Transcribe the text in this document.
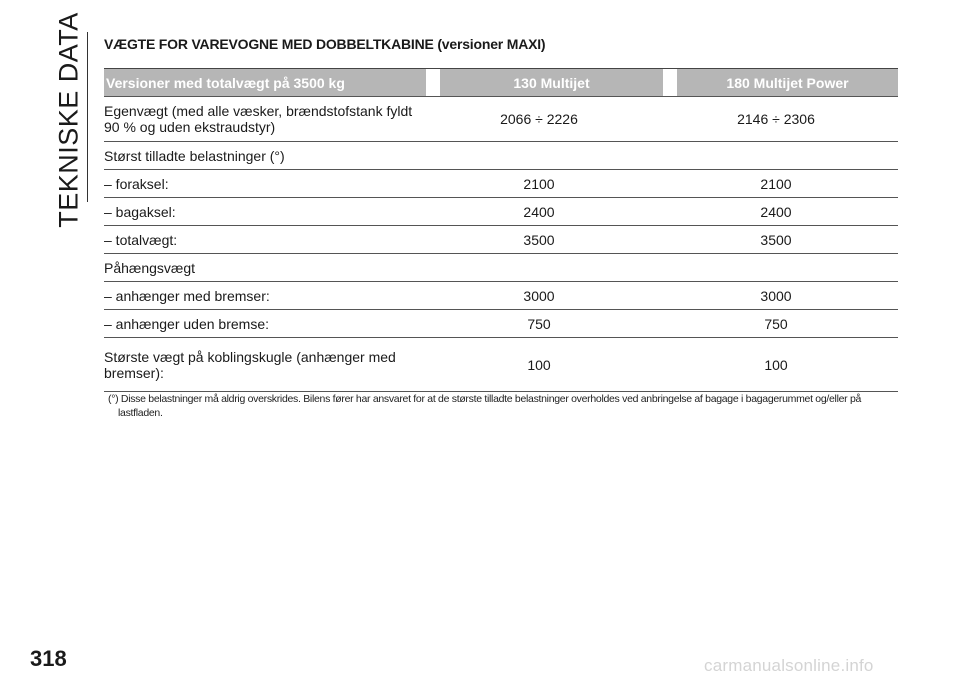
TEKNISKE DATA VÆGTE FOR VAREVOGNE MED DOBBELTKABINE (versioner MAXI)
Versioner med totalvægt på 3500 kg	130 Multijet	180 Multijet Power
Egenvægt (med alle væsker, brændstofstank fyldt 90 % og uden ekstraudstyr)	2066 ÷ 2226	2146 ÷ 2306
Størst tilladte belastninger (°)
– foraksel:	2100	2100
– bagaksel:	2400	2400
– totalvægt:	3500	3500
Påhængsvægt
– anhænger med bremser:	3000	3000
– anhænger uden bremse:	750	750
Største vægt på koblingskugle (anhænger med bremser):	100	100
(°) Disse belastninger må aldrig overskrides. Bilens fører har ansvaret for at de største tilladte belastninger overholdes ved anbringelse af bagage i bagagerummet og/eller på
lastfladen.
318	carmanualsonline.info
